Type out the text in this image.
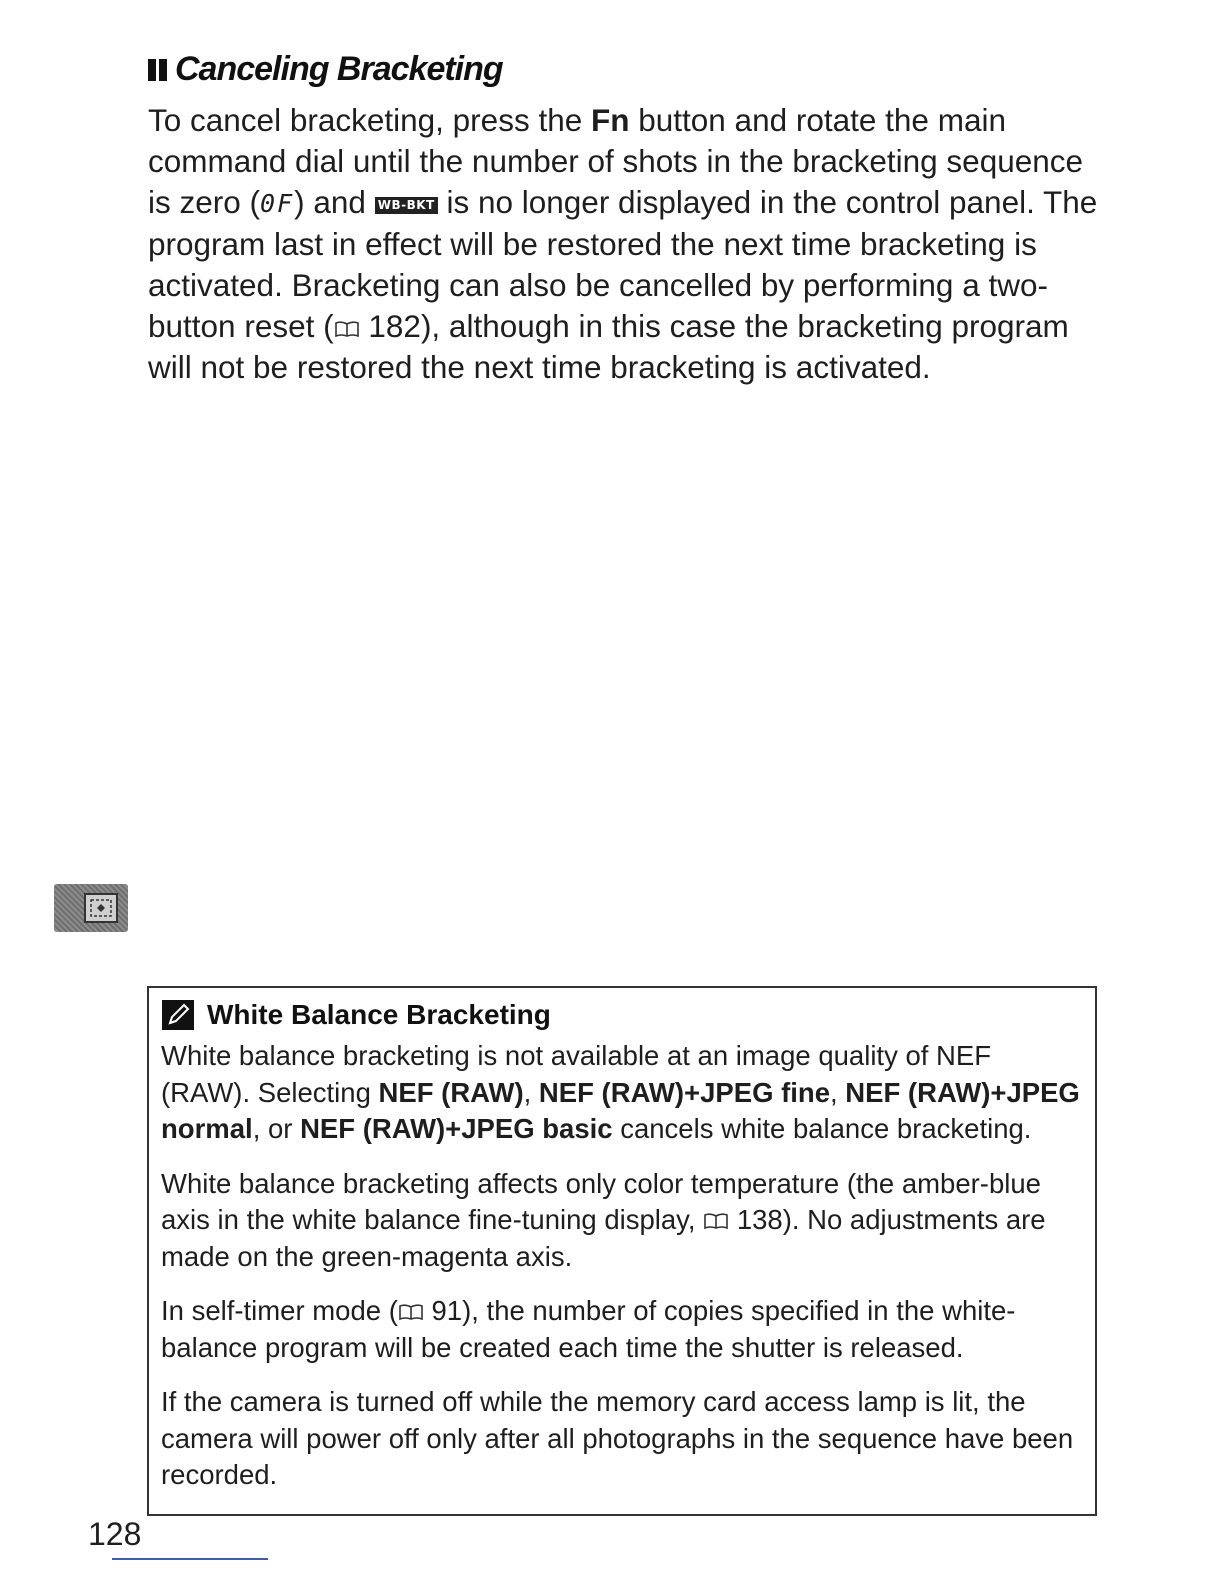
Canceling Bracketing
To cancel bracketing, press the Fn button and rotate the main command dial until the number of shots in the bracketing sequence is zero (0F) and WB-BKT is no longer displayed in the control panel. The program last in effect will be restored the next time bracketing is activated. Bracketing can also be cancelled by performing a two-button reset ( 182), although in this case the bracketing program will not be restored the next time bracketing is activated.
White Balance Bracketing

White balance bracketing is not available at an image quality of NEF (RAW). Selecting NEF (RAW), NEF (RAW)+JPEG fine, NEF (RAW)+JPEG normal, or NEF (RAW)+JPEG basic cancels white balance bracketing.

White balance bracketing affects only color temperature (the amber-blue axis in the white balance fine-tuning display,  138). No adjustments are made on the green-magenta axis.

In self-timer mode ( 91), the number of copies specified in the white-balance program will be created each time the shutter is released.

If the camera is turned off while the memory card access lamp is lit, the camera will power off only after all photographs in the sequence have been recorded.

128
